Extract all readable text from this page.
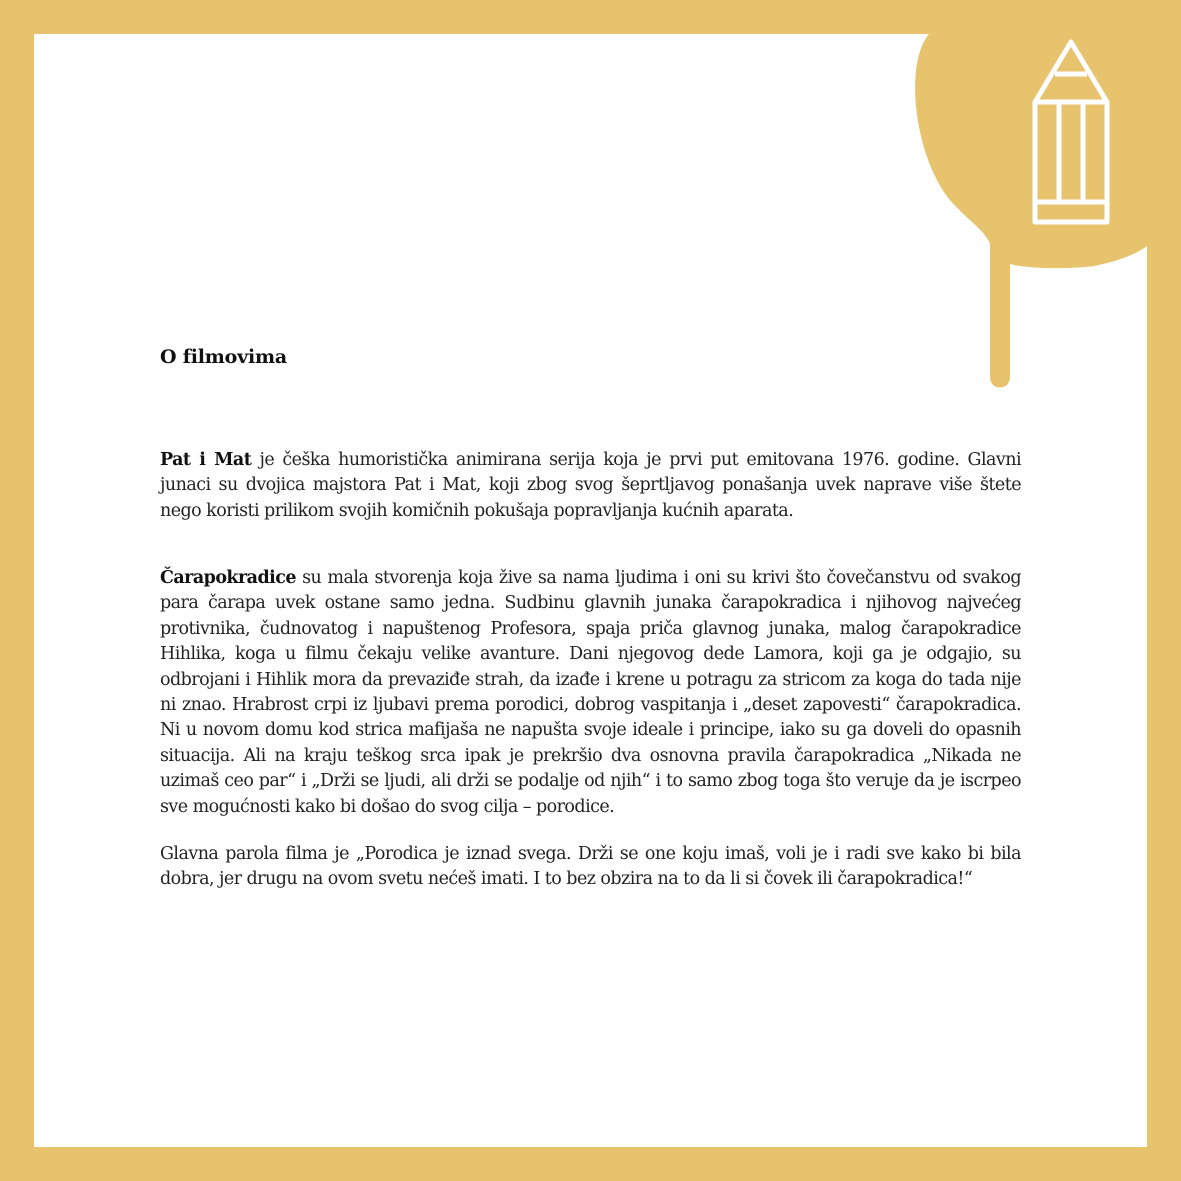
O filmovima

Pat i Mat je češka humoristička animirana serija koja je prvi put emitovana 1976. godine. Glavni junaci su dvojica majstora Pat i Mat, koji zbog svog šeprtljavog ponašanja uvek naprave više štete nego koristi prilikom svojih komičnih pokušaja popravljanja kućnih aparata.

Čarapokradice su mala stvorenja koja žive sa nama ljudima i oni su krivi što čovečanstvu od svakog para čarapa uvek ostane samo jedna. Sudbinu glavnih junaka čarapokradica i njihovog najvećeg protivnika, čudnovatog i napuštenog Profesora, spaja priča glavnog junaka, malog čarapokradice Hihlika, koga u filmu čekaju velike avanture. Dani njegovog dede Lamora, koji ga je odgajio, su odbrojani i Hihlik mora da prevaziđe strah, da izađe i krene u potragu za stricom za koga do tada nije ni znao. Hrabrost crpi iz ljubavi prema porodici, dobrog vaspitanja i „deset zapovesti“ čarapokradica. Ni u novom domu kod strica mafijaša ne napušta svoje ideale i principe, iako su ga doveli do opasnih situacija. Ali na kraju teškog srca ipak je prekršio dva osnovna pravila čarapokradica „Nikada ne uzimaš ceo par“ i „Drži se ljudi, ali drži se podalje od njih“ i to samo zbog toga što veruje da je iscrpeo sve mogućnosti kako bi došao do svog cilja – porodice.

Glavna parola filma je „Porodica je iznad svega. Drži se one koju imaš, voli je i radi sve kako bi bila dobra, jer drugu na ovom svetu nećeš imati. I to bez obzira na to da li si čovek ili čarapokradica!“
